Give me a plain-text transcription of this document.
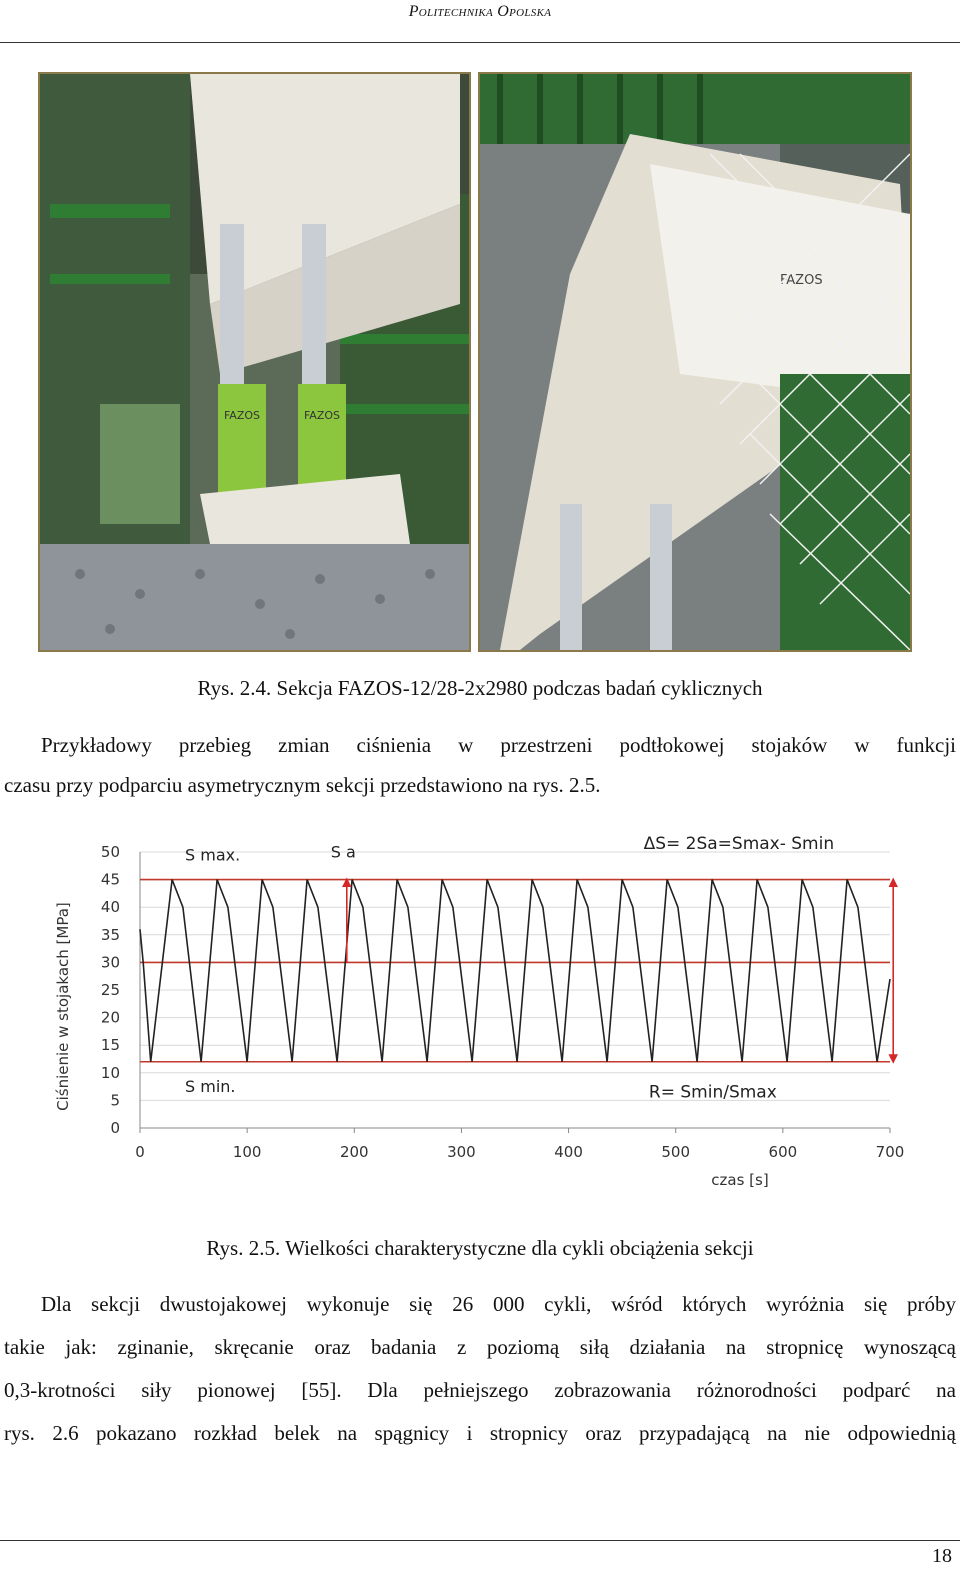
Politechnika Opolska
FAZOS	FAZOS
FAZOS
Rys. 2.4. Sekcja FAZOS-12/28-2x2980 podczas badań cyklicznych
Przykładowy przebieg zmian ciśnienia w przestrzeni podtłokowej stojaków w funkcji
czasu przy podparciu asymetrycznym sekcji przedstawiono na rys. 2.5.
0
5
10
15
20
25
30
35
40
45
50
Ciśnienie w stojakach [MPa]
0	100	200	300	400	500	600	700
czas [s]
S max.	S a
S min.
ΔS= 2Sa=Smax- Smin
R= Smin/Smax
Rys. 2.5. Wielkości charakterystyczne dla cykli obciążenia sekcji
Dla sekcji dwustojakowej wykonuje się 26 000 cykli, wśród których wyróżnia się próby
takie jak: zginanie, skręcanie oraz badania z poziomą siłą działania na stropnicę wynoszącą
0,3-krotności siły pionowej [55]. Dla pełniejszego zobrazowania różnorodności podparć na
rys. 2.6 pokazano rozkład belek na spągnicy i stropnicy oraz przypadającą na nie odpowiednią
18
